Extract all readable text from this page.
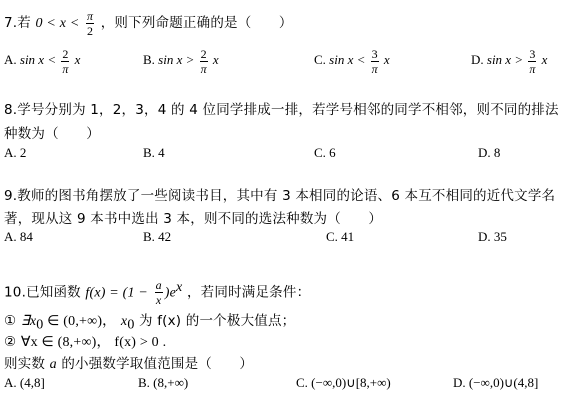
7.若 $0 < x < \frac{\pi}{2}$ ，则下列命题正确的是（　　）
A. $\sin x < \frac{2}{\pi}$ x	B. $\sin x > \frac{2}{\pi}$ x	C. $\sin x < \frac{3}{\pi}$ x	D. $\sin x > \frac{3}{\pi}$ x
8.学号分别为 1，2，3，4 的 4 位同学排成一排，若学号相邻的同学不相邻，则不同的排法
种数为（　　）
A. 2	B. 4	C. 6	D. 8
9.教师的图书角摆放了一些阅读书目，其中有 3 本相同的论语、6 本互不相同的近代文学名
著，现从这 9 本书中选出 3 本，则不同的选法种数为（　　）
A. 84	B. 42	C. 41	D. 35
10.已知函数 $f(x) = (1 - \frac{a}{x} )e^x$ ，若同时满足条件：
① $\exists x_0$ ∈ (0,+∞)， $x_0$ 为 f(x) 的一个极大值点；
② ∀x ∈ (8,+∞)， f(x) > 0 .
则实数 a 的小强数学取值范围是（　　）
A. (4,8]	B. (8,+∞)	C. (−∞,0)∪[8,+∞)	D. (−∞,0)∪(4,8]
